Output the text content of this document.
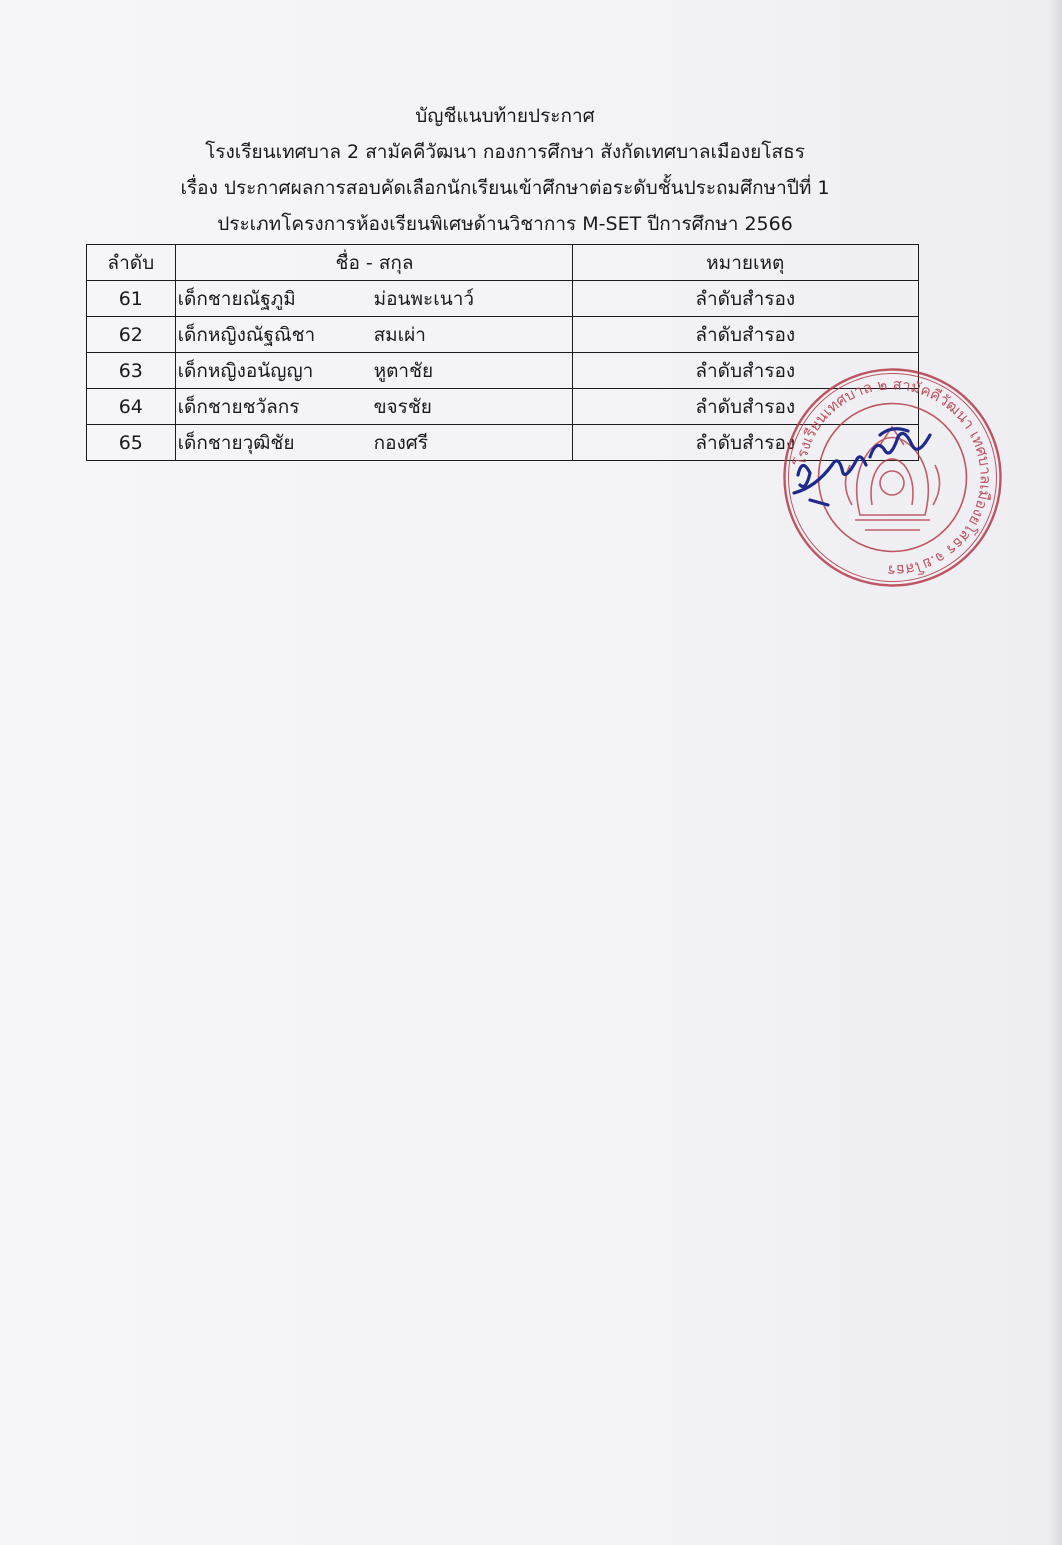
บัญชีแนบท้ายประกาศ
โรงเรียนเทศบาล 2 สามัคคีวัฒนา กองการศึกษา สังกัดเทศบาลเมืองยโสธร
เรื่อง ประกาศผลการสอบคัดเลือกนักเรียนเข้าศึกษาต่อระดับชั้นประถมศึกษาปีที่ 1
ประเภทโครงการห้องเรียนพิเศษด้านวิชาการ M-SET ปีการศึกษา 2566
ลำดับ	ชื่อ - สกุล	หมายเหตุ
61	เด็กชายณัฐภูมิ ม่อนพะเนาว์	ลำดับสำรอง
62	เด็กหญิงณัฐณิชา สมเผ่า	ลำดับสำรอง
63	เด็กหญิงอนัญญา หูตาชัย	ลำดับสำรอง
64	เด็กชายชวัลกร ขจรชัย	ลำดับสำรอง
65	เด็กชายวุฒิชัย กองศรี	ลำดับสำรอง
โรงเรียนเทศบาล ๒ สามัคคีวัฒนา เทศบาลเมืองยโสธร จ.ยโสธร
